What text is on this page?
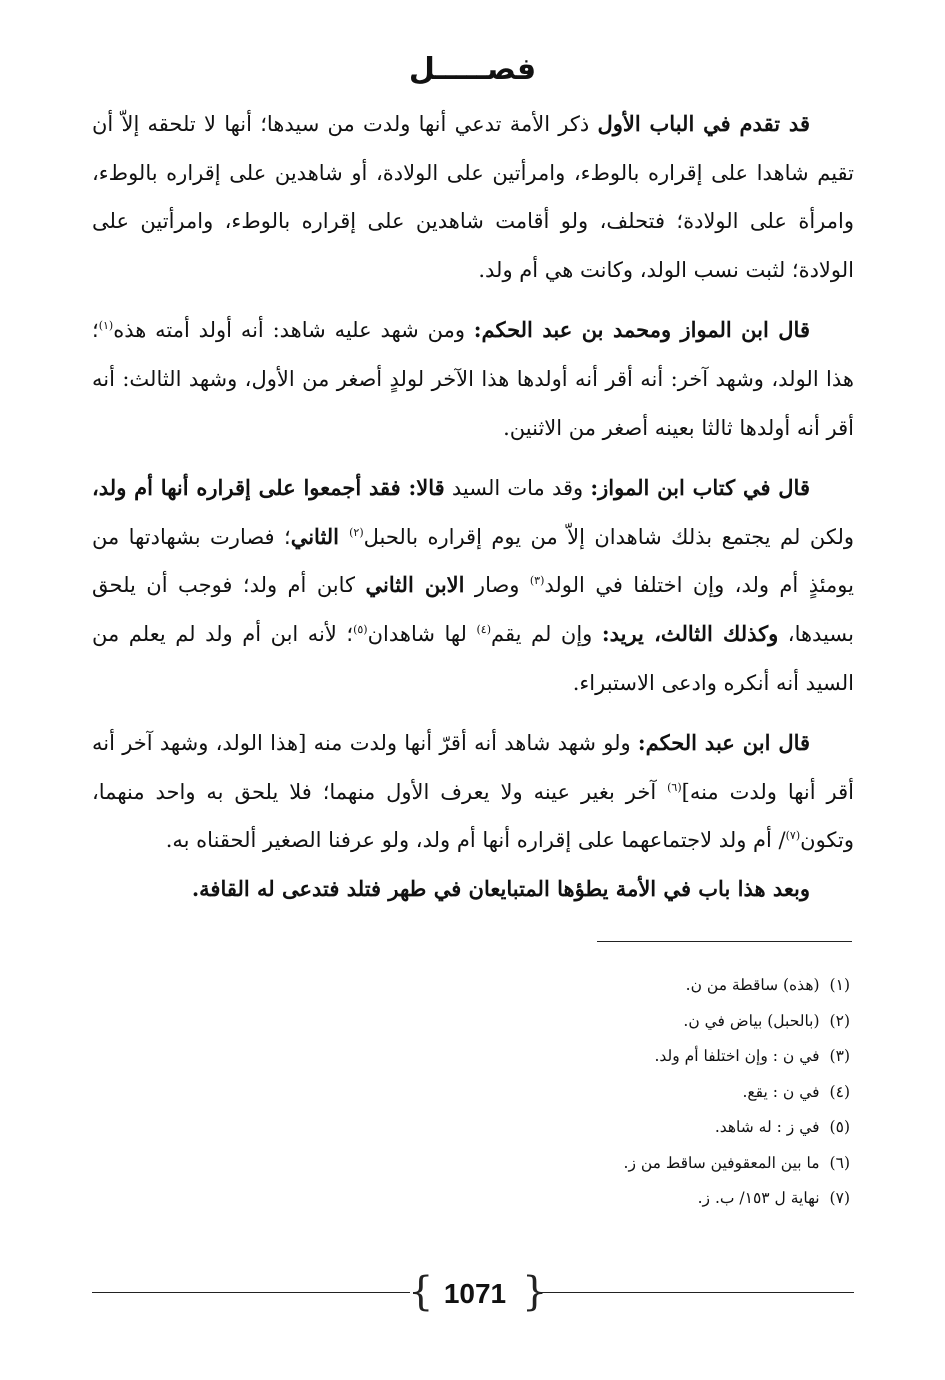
فصـــــل

قد تقدم في الباب الأول ذكر الأمة تدعي أنها ولدت من سيدها؛ أنها لا تلحقه إلاّ أن تقيم شاهدا على إقراره بالوطء، وامرأتين على الولادة، أو شاهدين على إقراره بالوطء، وامرأة على الولادة؛ فتحلف، ولو أقامت شاهدين على إقراره بالوطء، وامرأتين على الولادة؛ لثبت نسب الولد، وكانت هي أم ولد.

قال ابن المواز ومحمد بن عبد الحكم: ومن شهد عليه شاهد: أنه أولد أمته هذه$^{(١)}$؛ هذا الولد، وشهد آخر: أنه أقر أنه أولدها هذا الآخر لولدٍ أصغر من الأول، وشهد الثالث: أنه أقر أنه أولدها ثالثا بعينه أصغر من الاثنين.

قال في كتاب ابن المواز: وقد مات السيد قالا: فقد أجمعوا على إقراره أنها أم ولد، ولكن لم يجتمع بذلك شاهدان إلاّ من يوم إقراره بالحبل$^{(٢)}$ الثاني؛ فصارت بشهادتها من يومئذٍ أم ولد، وإن اختلفا في الولد$^{(٣)}$ وصار الابن الثاني كابن أم ولد؛ فوجب أن يلحق بسيدها، وكذلك الثالث، يريد: وإن لم يقم$^{(٤)}$ لها شاهدان$^{(٥)}$؛ لأنه ابن أم ولد لم يعلم من السيد أنه أنكره وادعى الاستبراء.

قال ابن عبد الحكم: ولو شهد شاهد أنه أقرّ أنها ولدت منه [هذا الولد، وشهد آخر أنه أقر أنها ولدت منه]$^{(٦)}$ آخر بغير عينه ولا يعرف الأول منهما؛ فلا يلحق به واحد منهما، وتكون$^{(٧)}$/ أم ولد لاجتماعهما على إقراره أنها أم ولد، ولو عرفنا الصغير ألحقناه به.

وبعد هذا باب في الأمة يطؤها المتبايعان في طهر فتلد فتدعى له القافة.

(١)(هذه) ساقطة من ن.

(٢)(بالحبل) بياض في ن.

(٣)في ن : وإن اختلفا أم ولد.

(٤)في ن : يقع.

(٥)في ز : له شاهد.

(٦)ما بين المعقوفين ساقط من ز.

(٧)نهاية ل ١٥٣/ ب. ز.

{ }
1071
